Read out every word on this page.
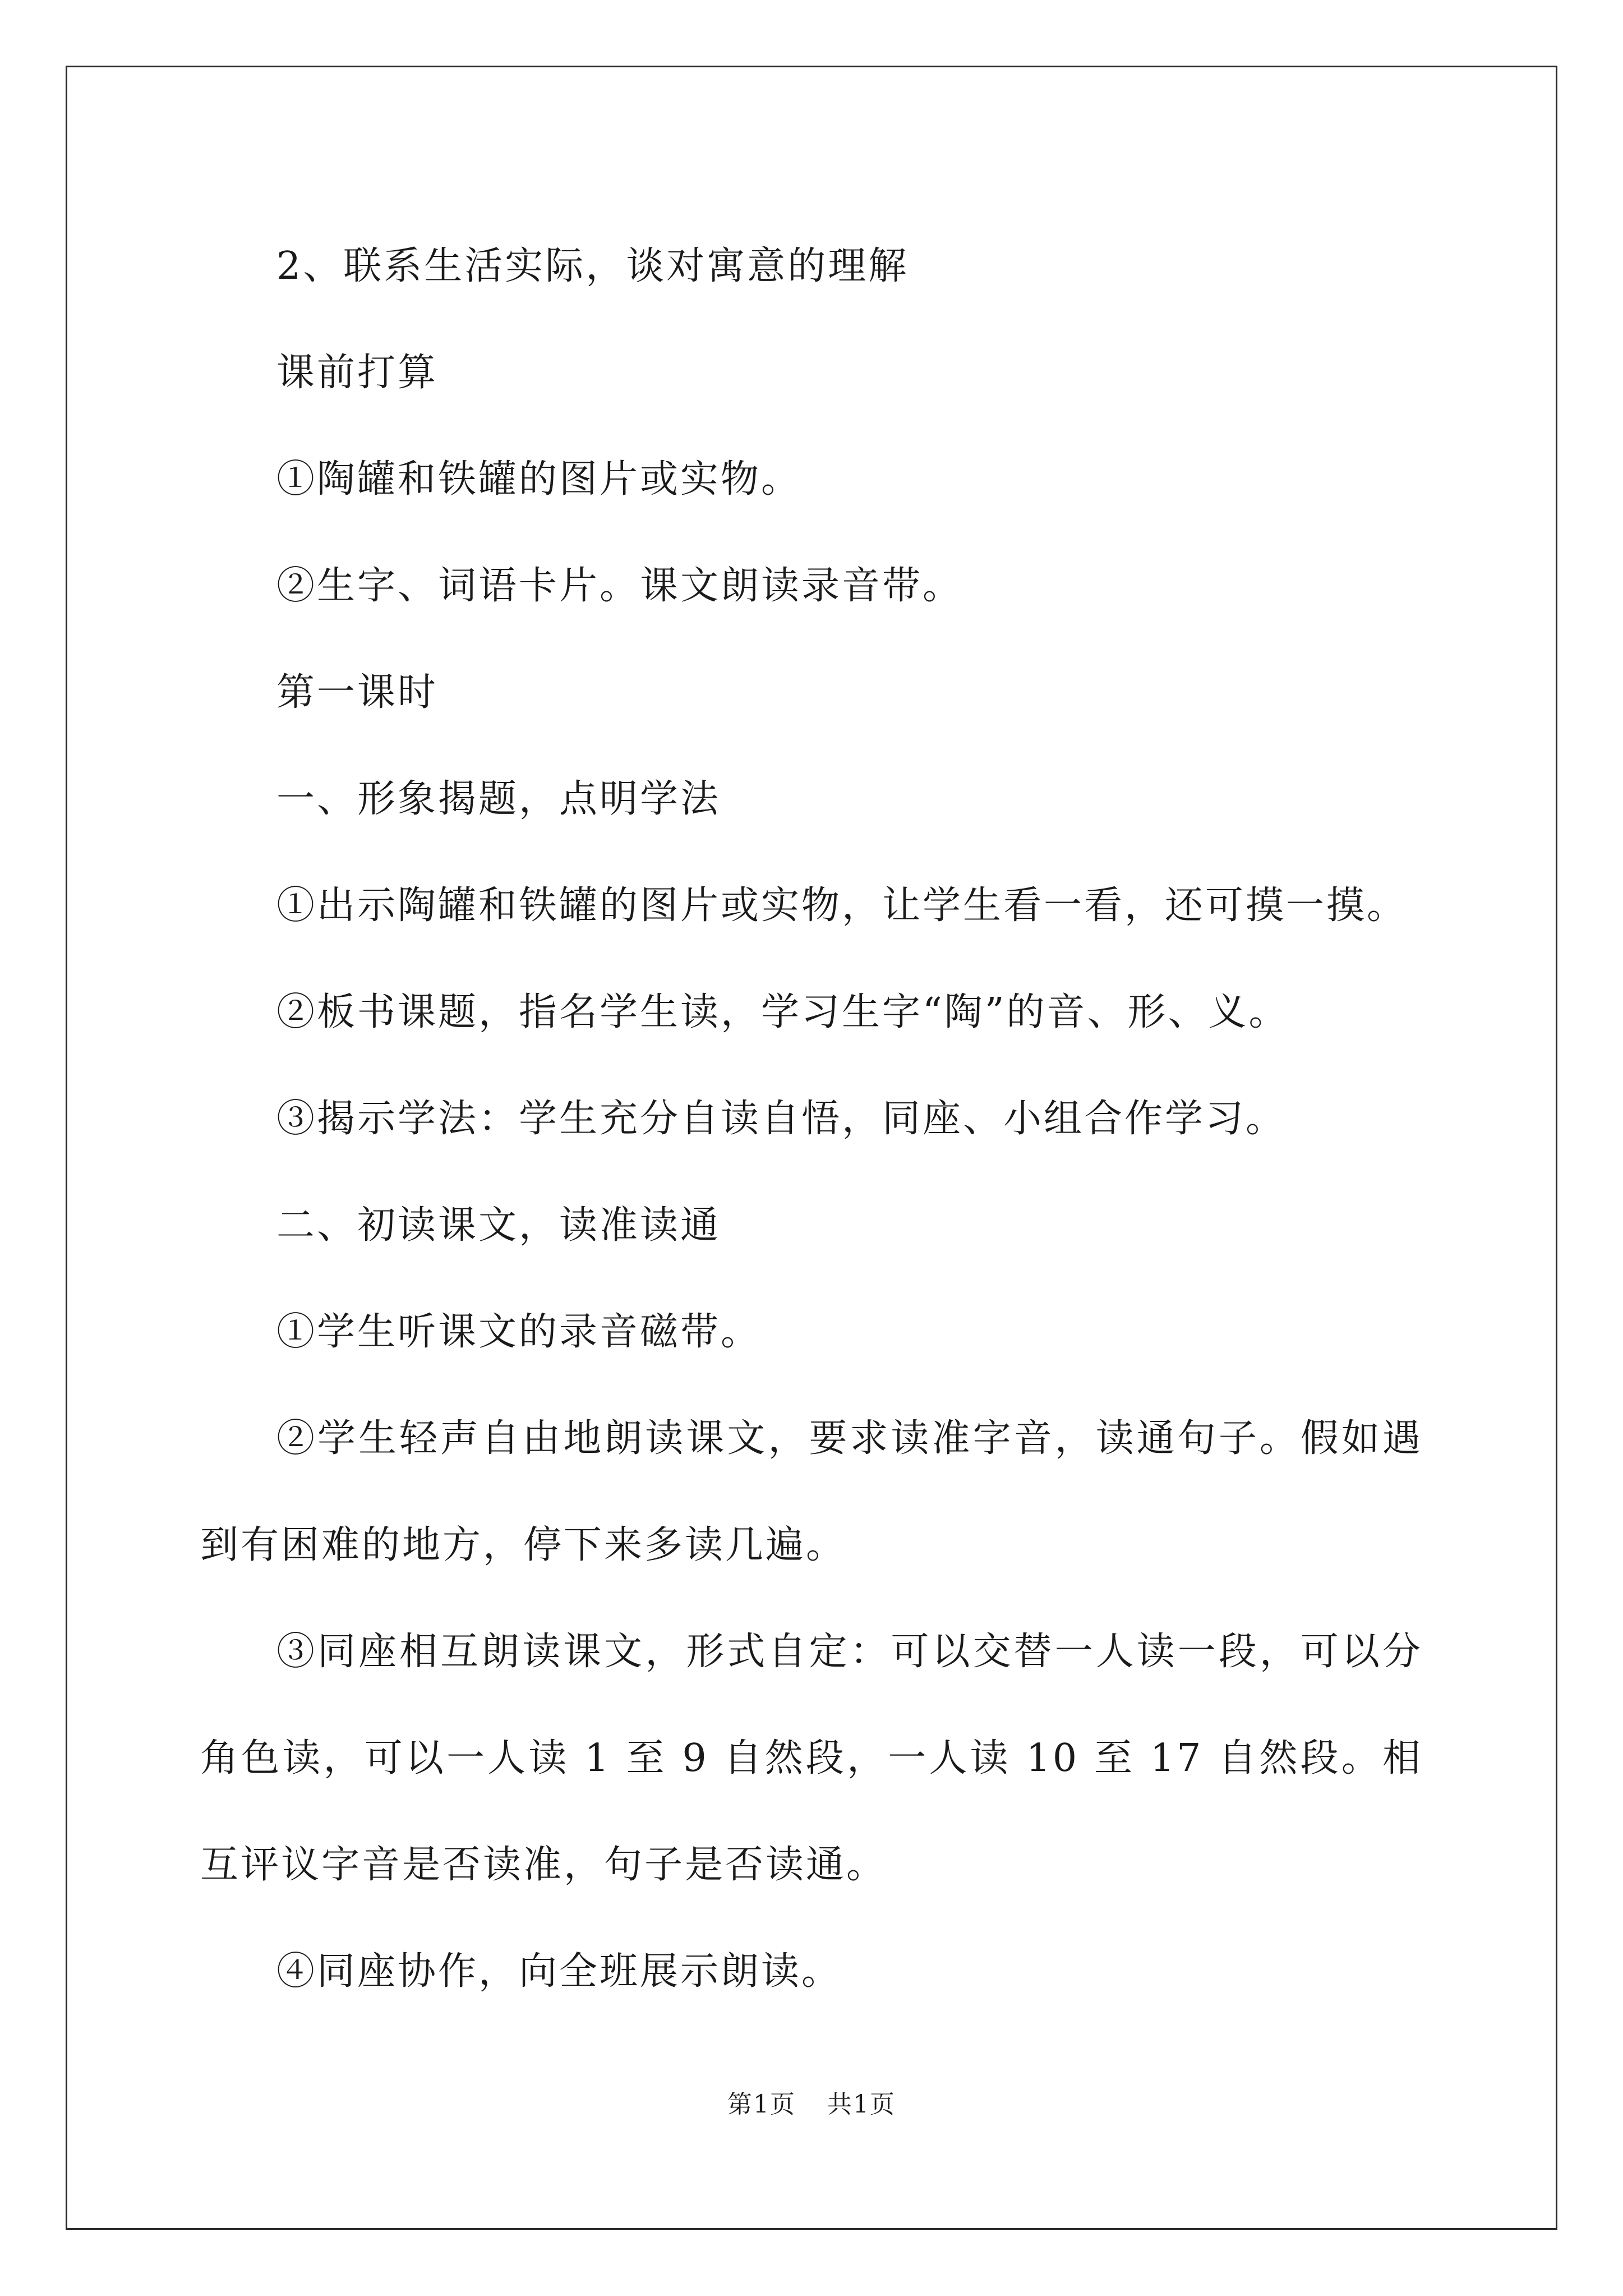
2、联系生活实际，谈对寓意的理解

课前打算

①陶罐和铁罐的图片或实物。

②生字、词语卡片。课文朗读录音带。

第一课时

一、形象揭题，点明学法

①出示陶罐和铁罐的图片或实物，让学生看一看，还可摸一摸。

②板书课题，指名学生读，学习生字“陶”的音、形、义。

③揭示学法：学生充分自读自悟，同座、小组合作学习。

二、初读课文，读准读通

①学生听课文的录音磁带。

②学生轻声自由地朗读课文，要求读准字音，读通句子。假如遇到有困难的地方，停下来多读几遍。

③同座相互朗读课文，形式自定：可以交替一人读一段，可以分角色读，可以一人读 1 至 9 自然段，一人读 10 至 17 自然段。相互评议字音是否读准，句子是否读通。

④同座协作，向全班展示朗读。

第1页 共1页
